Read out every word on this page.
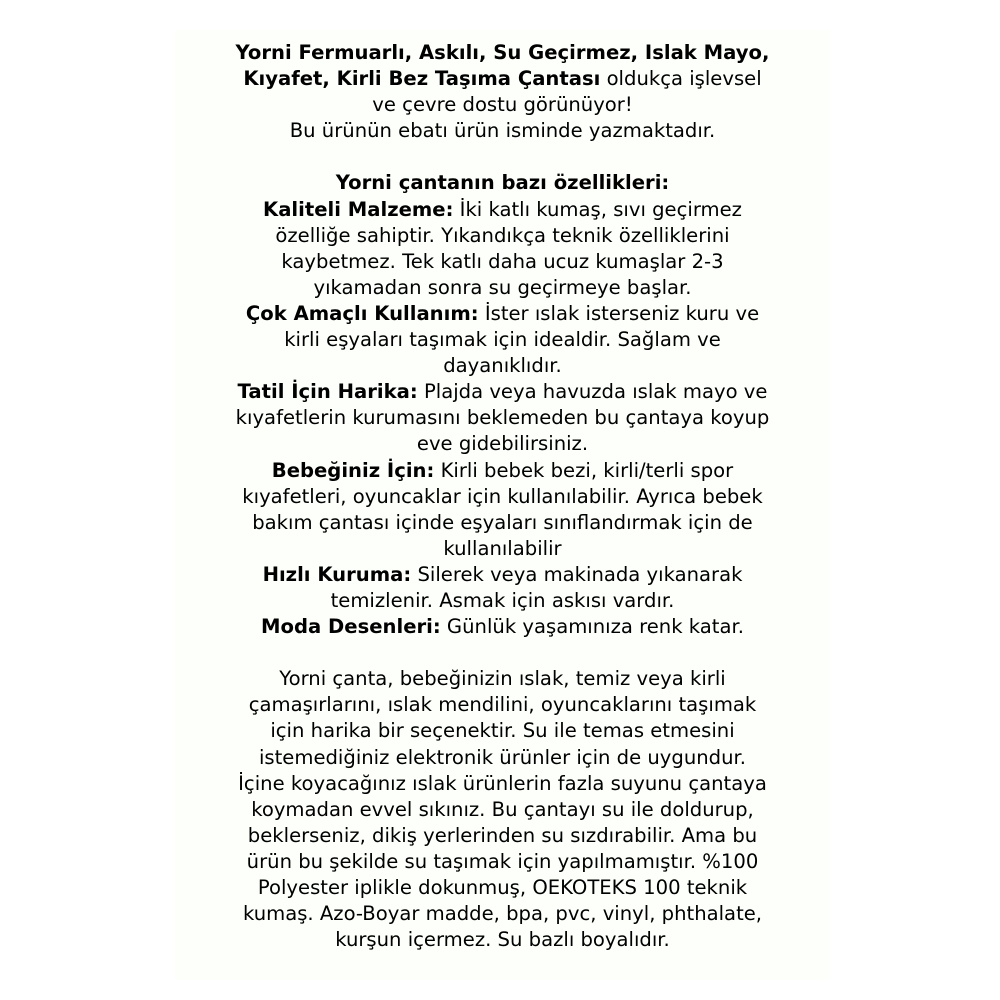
Yorni Fermuarlı, Askılı, Su Geçirmez, Islak Mayo,
Kıyafet, Kirli Bez Taşıma Çantası oldukça işlevsel
ve çevre dostu görünüyor!
Bu ürünün ebatı ürün isminde yazmaktadır.
Yorni çantanın bazı özellikleri:
Kaliteli Malzeme: İki katlı kumaş, sıvı geçirmez
özelliğe sahiptir. Yıkandıkça teknik özelliklerini
kaybetmez. Tek katlı daha ucuz kumaşlar 2-3
yıkamadan sonra su geçirmeye başlar.
Çok Amaçlı Kullanım: İster ıslak isterseniz kuru ve
kirli eşyaları taşımak için idealdir. Sağlam ve
dayanıklıdır.
Tatil İçin Harika: Plajda veya havuzda ıslak mayo ve
kıyafetlerin kurumasını beklemeden bu çantaya koyup
eve gidebilirsiniz.
Bebeğiniz İçin: Kirli bebek bezi, kirli/terli spor
kıyafetleri, oyuncaklar için kullanılabilir. Ayrıca bebek
bakım çantası içinde eşyaları sınıflandırmak için de
kullanılabilir
Hızlı Kuruma: Silerek veya makinada yıkanarak
temizlenir. Asmak için askısı vardır.
Moda Desenleri: Günlük yaşamınıza renk katar.
Yorni çanta, bebeğinizin ıslak, temiz veya kirli
çamaşırlarını, ıslak mendilini, oyuncaklarını taşımak
için harika bir seçenektir. Su ile temas etmesini
istemediğiniz elektronik ürünler için de uygundur.
İçine koyacağınız ıslak ürünlerin fazla suyunu çantaya
koymadan evvel sıkınız. Bu çantayı su ile doldurup,
beklerseniz, dikiş yerlerinden su sızdırabilir. Ama bu
ürün bu şekilde su taşımak için yapılmamıştır. %100
Polyester iplikle dokunmuş, OEKOTEKS 100 teknik
kumaş. Azo-Boyar madde, bpa, pvc, vinyl, phthalate,
kurşun içermez. Su bazlı boyalıdır.
